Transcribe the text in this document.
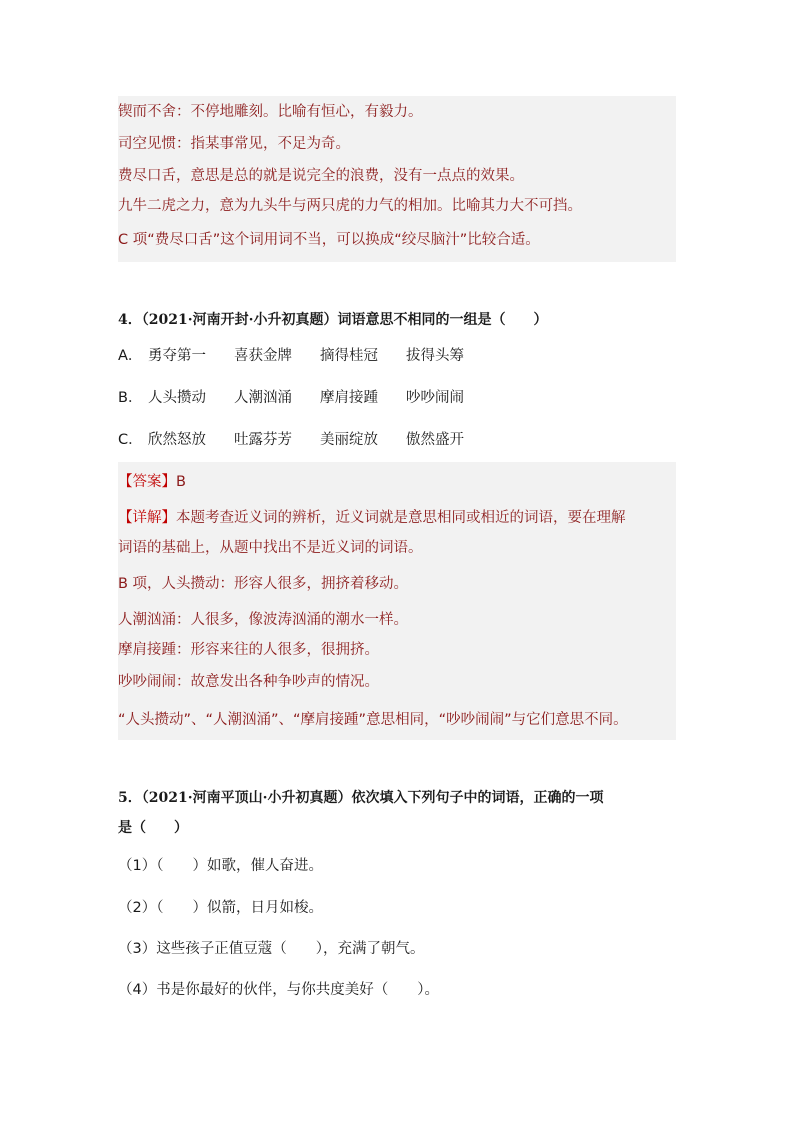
锲而不舍：不停地雕刻。比喻有恒心，有毅力。
司空见惯：指某事常见，不足为奇。
费尽口舌，意思是总的就是说完全的浪费，没有一点点的效果。
九牛二虎之力，意为九头牛与两只虎的力气的相加。比喻其力大不可挡。
C 项“费尽口舌”这个词用词不当，可以换成“绞尽脑汁”比较合适。
4．（2021·河南开封·小升初真题）词语意思不相同的一组是（　　）
A． 勇夺第一 喜获金牌 摘得桂冠 拔得头筹
B． 人头攒动 人潮汹涌 摩肩接踵 吵吵闹闹
C． 欣然怒放 吐露芬芳 美丽绽放 傲然盛开
【答案】B
【详解】本题考查近义词的辨析，近义词就是意思相同或相近的词语，要在理解
词语的基础上，从题中找出不是近义词的词语。
B 项，人头攒动：形容人很多，拥挤着移动。
人潮汹涌：人很多，像波涛汹涌的潮水一样。
摩肩接踵：形容来往的人很多，很拥挤。
吵吵闹闹：故意发出各种争吵声的情况。
“人头攒动”、“人潮汹涌”、“摩肩接踵”意思相同，“吵吵闹闹”与它们意思不同。
5．（2021·河南平顶山·小升初真题）依次填入下列句子中的词语，正确的一项
是（　　）
（1）（　　）如歌，催人奋进。
（2）（　　）似箭，日月如梭。
（3）这些孩子正值豆蔻（　　），充满了朝气。
（4）书是你最好的伙伴，与你共度美好（　　）。
